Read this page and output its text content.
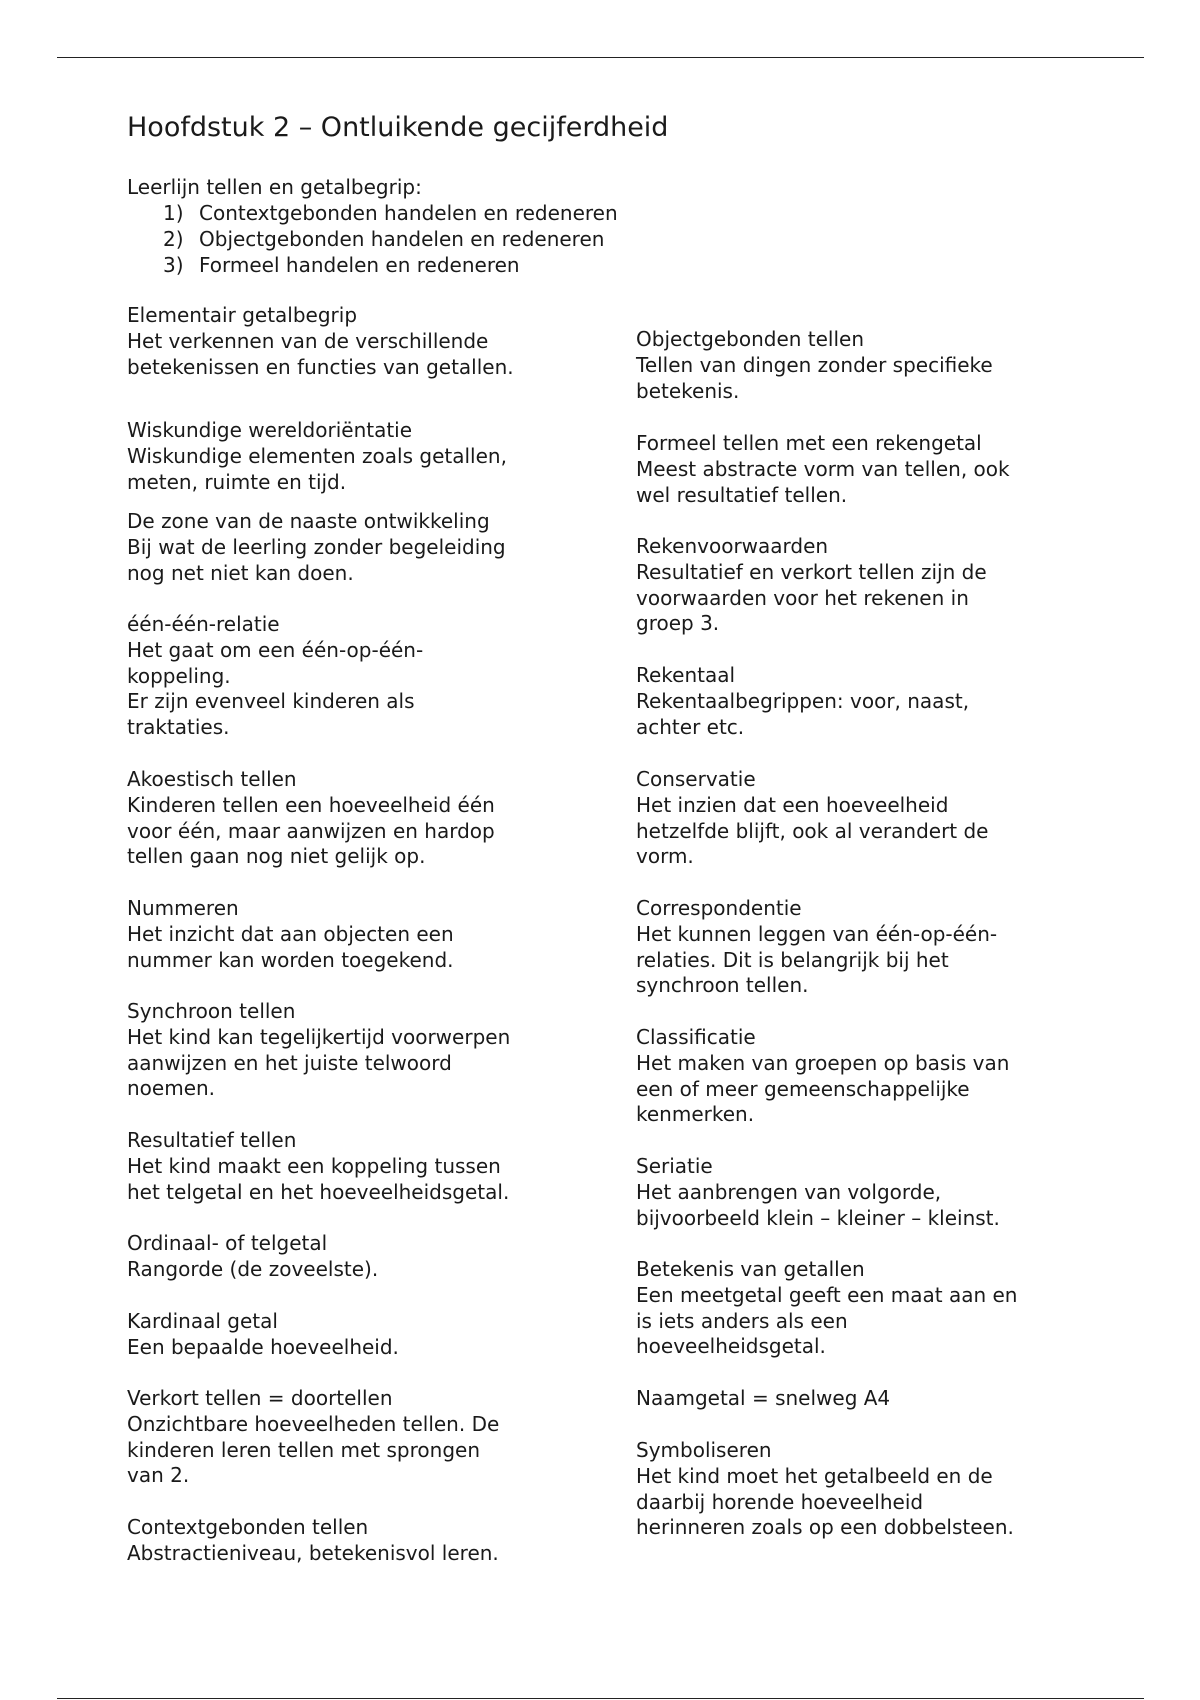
Hoofdstuk 2 – Ontluikende gecijferdheid
Leerlijn tellen en getalbegrip:
1) Contextgebonden handelen en redeneren
2) Objectgebonden handelen en redeneren
3) Formeel handelen en redeneren
Elementair getalbegrip
Het verkennen van de verschillende
betekenissen en functies van getallen.
Wiskundige wereldoriëntatie
Wiskundige elementen zoals getallen,
meten, ruimte en tijd.
De zone van de naaste ontwikkeling
Bij wat de leerling zonder begeleiding
nog net niet kan doen.
één-één-relatie
Het gaat om een één-op-één-
koppeling.
Er zijn evenveel kinderen als
traktaties.
Akoestisch tellen
Kinderen tellen een hoeveelheid één
voor één, maar aanwijzen en hardop
tellen gaan nog niet gelijk op.
Nummeren
Het inzicht dat aan objecten een
nummer kan worden toegekend.
Synchroon tellen
Het kind kan tegelijkertijd voorwerpen
aanwijzen en het juiste telwoord
noemen.
Resultatief tellen
Het kind maakt een koppeling tussen
het telgetal en het hoeveelheidsgetal.
Ordinaal- of telgetal
Rangorde (de zoveelste).
Kardinaal getal
Een bepaalde hoeveelheid.
Verkort tellen = doortellen
Onzichtbare hoeveelheden tellen. De
kinderen leren tellen met sprongen
van 2.
Contextgebonden tellen
Abstractieniveau, betekenisvol leren.
Objectgebonden tellen
Tellen van dingen zonder specifieke
betekenis.
Formeel tellen met een rekengetal
Meest abstracte vorm van tellen, ook
wel resultatief tellen.
Rekenvoorwaarden
Resultatief en verkort tellen zijn de
voorwaarden voor het rekenen in
groep 3.
Rekentaal
Rekentaalbegrippen: voor, naast,
achter etc.
Conservatie
Het inzien dat een hoeveelheid
hetzelfde blijft, ook al verandert de
vorm.
Correspondentie
Het kunnen leggen van één-op-één-
relaties. Dit is belangrijk bij het
synchroon tellen.
Classificatie
Het maken van groepen op basis van
een of meer gemeenschappelijke
kenmerken.
Seriatie
Het aanbrengen van volgorde,
bijvoorbeeld klein – kleiner – kleinst.
Betekenis van getallen
Een meetgetal geeft een maat aan en
is iets anders als een
hoeveelheidsgetal.
Naamgetal = snelweg A4
Symboliseren
Het kind moet het getalbeeld en de
daarbij horende hoeveelheid
herinneren zoals op een dobbelsteen.
